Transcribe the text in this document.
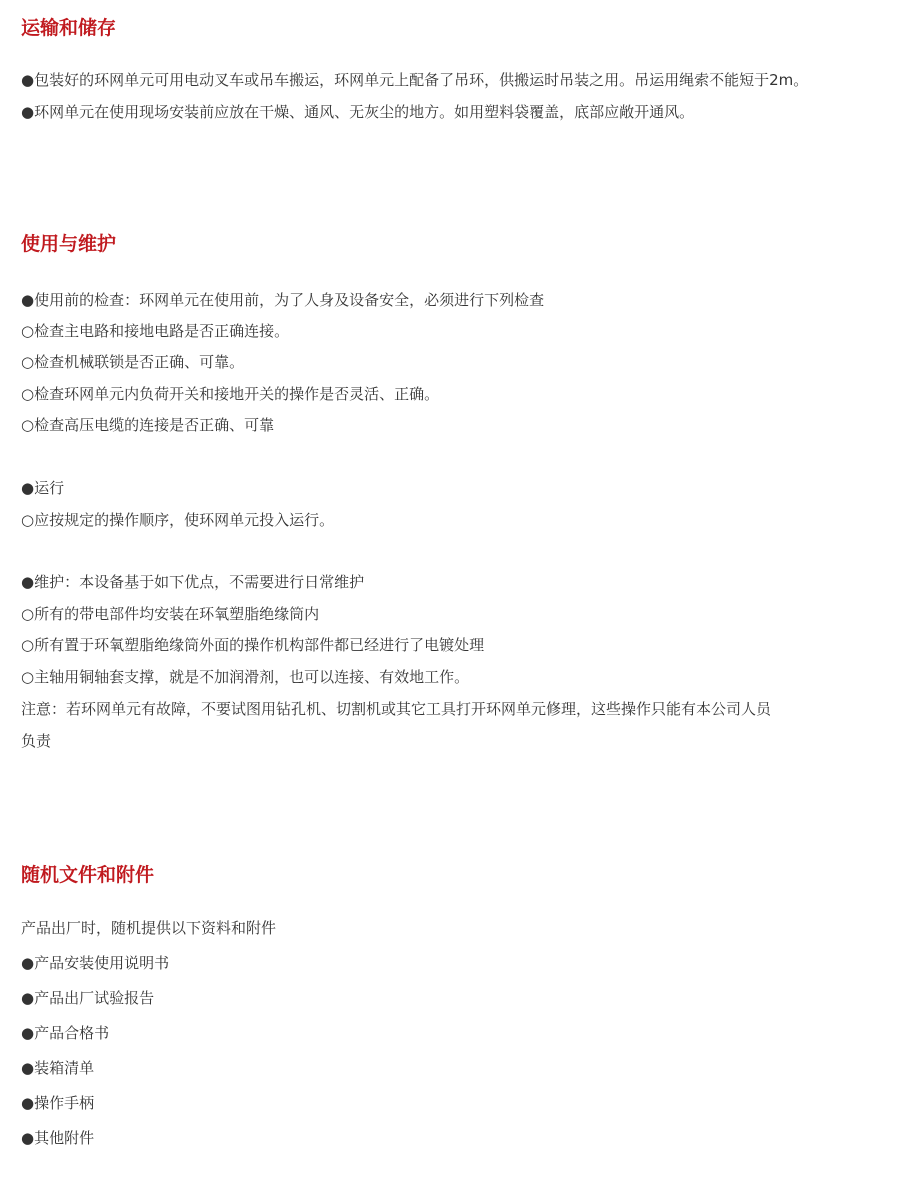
运输和储存

●包装好的环网单元可用电动叉车或吊车搬运，环网单元上配备了吊环，供搬运时吊装之用。吊运用绳索不能短于2m。

●环网单元在使用现场安装前应放在干燥、通风、无灰尘的地方。如用塑料袋覆盖，底部应敞开通风。

使用与维护

●使用前的检查：环网单元在使用前，为了人身及设备安全，必须进行下列检查

○检查主电路和接地电路是否正确连接。

○检查机械联锁是否正确、可靠。

○检查环网单元内负荷开关和接地开关的操作是否灵活、正确。

○检查高压电缆的连接是否正确、可靠

●运行

○应按规定的操作顺序，使环网单元投入运行。

●维护：本设备基于如下优点，不需要进行日常维护

○所有的带电部件均安装在环氧塑脂绝缘筒内

○所有置于环氧塑脂绝缘筒外面的操作机构部件都已经进行了电镀处理

○主轴用铜轴套支撑，就是不加润滑剂，也可以连接、有效地工作。

注意：若环网单元有故障，不要试图用钻孔机、切割机或其它工具打开环网单元修理，这些操作只能有本公司人员

负责

随机文件和附件

产品出厂时，随机提供以下资料和附件

●产品安装使用说明书

●产品出厂试验报告

●产品合格书

●装箱清单

●操作手柄

●其他附件
